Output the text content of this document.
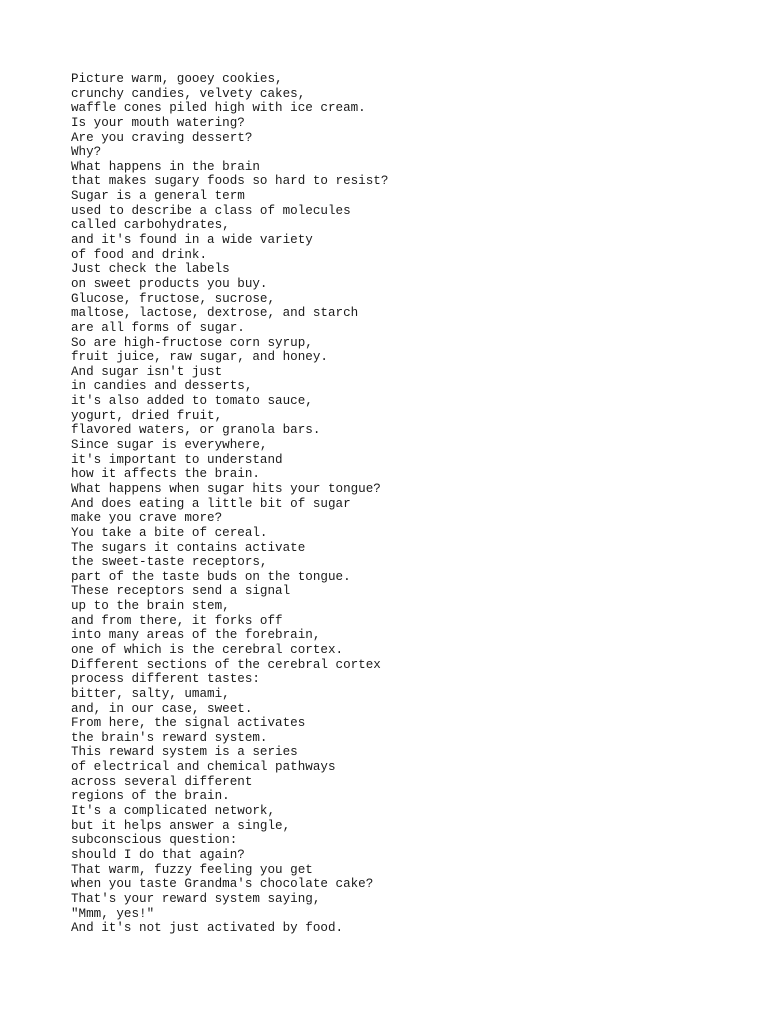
Picture warm, gooey cookies,
crunchy candies, velvety cakes,
waffle cones piled high with ice cream.
Is your mouth watering?
Are you craving dessert?
Why?
What happens in the brain
that makes sugary foods so hard to resist?
Sugar is a general term
used to describe a class of molecules
called carbohydrates,
and it's found in a wide variety
of food and drink.
Just check the labels
on sweet products you buy.
Glucose, fructose, sucrose,
maltose, lactose, dextrose, and starch
are all forms of sugar.
So are high-fructose corn syrup,
fruit juice, raw sugar, and honey.
And sugar isn't just
in candies and desserts,
it's also added to tomato sauce,
yogurt, dried fruit,
flavored waters, or granola bars.
Since sugar is everywhere,
it's important to understand
how it affects the brain.
What happens when sugar hits your tongue?
And does eating a little bit of sugar
make you crave more?
You take a bite of cereal.
The sugars it contains activate
the sweet-taste receptors,
part of the taste buds on the tongue.
These receptors send a signal
up to the brain stem,
and from there, it forks off
into many areas of the forebrain,
one of which is the cerebral cortex.
Different sections of the cerebral cortex
process different tastes:
bitter, salty, umami,
and, in our case, sweet.
From here, the signal activates
the brain's reward system.
This reward system is a series
of electrical and chemical pathways
across several different
regions of the brain.
It's a complicated network,
but it helps answer a single,
subconscious question:
should I do that again?
That warm, fuzzy feeling you get
when you taste Grandma's chocolate cake?
That's your reward system saying,
"Mmm, yes!"
And it's not just activated by food.
